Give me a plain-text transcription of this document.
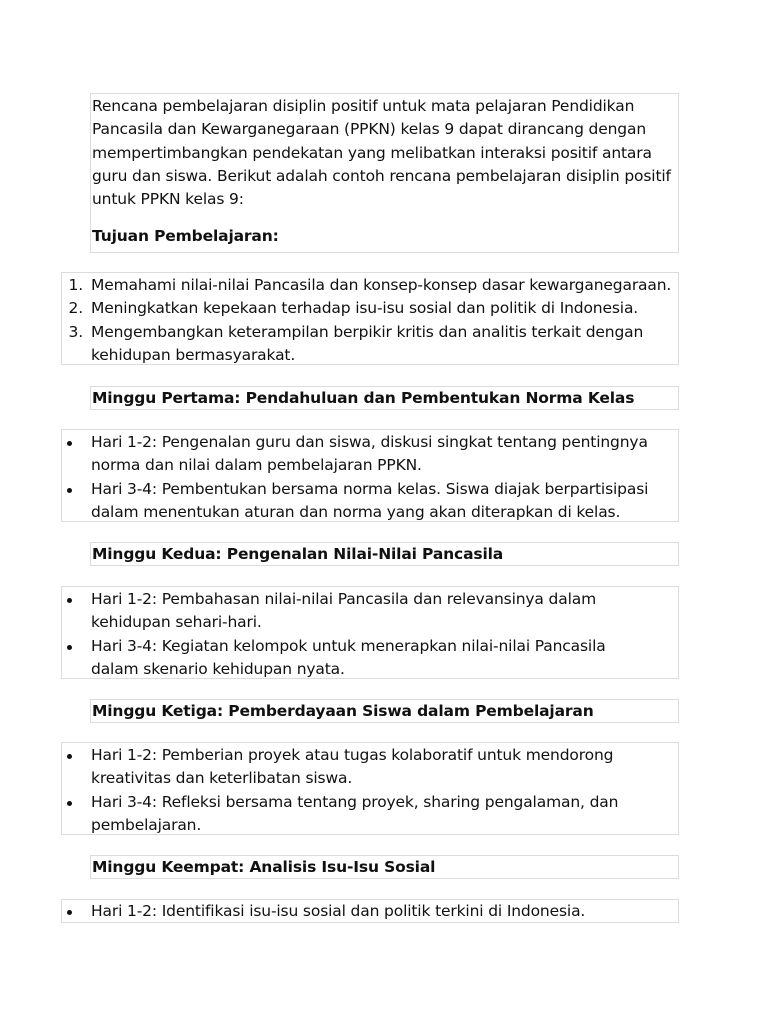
Rencana pembelajaran disiplin positif untuk mata pelajaran Pendidikan Pancasila dan Kewarganegaraan (PPKN) kelas 9 dapat dirancang dengan mempertimbangkan pendekatan yang melibatkan interaksi positif antara guru dan siswa. Berikut adalah contoh rencana pembelajaran disiplin positif untuk PPKN kelas 9:

Tujuan Pembelajaran:

1. Memahami nilai-nilai Pancasila dan konsep-konsep dasar kewarganegaraan.
2. Meningkatkan kepekaan terhadap isu-isu sosial dan politik di Indonesia.
3. Mengembangkan keterampilan berpikir kritis dan analitis terkait dengan kehidupan bermasyarakat.
Minggu Pertama: Pendahuluan dan Pembentukan Norma Kelas
Hari 1-2: Pengenalan guru dan siswa, diskusi singkat tentang pentingnya norma dan nilai dalam pembelajaran PPKN.
Hari 3-4: Pembentukan bersama norma kelas. Siswa diajak berpartisipasi dalam menentukan aturan dan norma yang akan diterapkan di kelas.
Minggu Kedua: Pengenalan Nilai-Nilai Pancasila
Hari 1-2: Pembahasan nilai-nilai Pancasila dan relevansinya dalam kehidupan sehari-hari.
Hari 3-4: Kegiatan kelompok untuk menerapkan nilai-nilai Pancasila dalam skenario kehidupan nyata.
Minggu Ketiga: Pemberdayaan Siswa dalam Pembelajaran
Hari 1-2: Pemberian proyek atau tugas kolaboratif untuk mendorong kreativitas dan keterlibatan siswa.
Hari 3-4: Refleksi bersama tentang proyek, sharing pengalaman, dan pembelajaran.
Minggu Keempat: Analisis Isu-Isu Sosial
Hari 1-2: Identifikasi isu-isu sosial dan politik terkini di Indonesia.
